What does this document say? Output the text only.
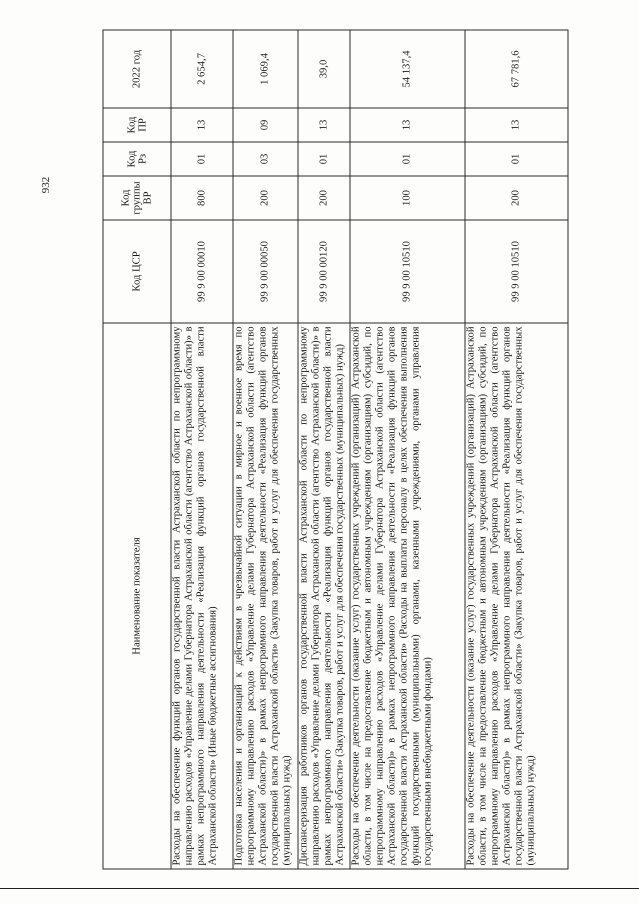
932
Наименование показателя	Код ЦСР	Код группы ВР	Код Рз	Код ПР	2022 год
Расходы на обеспечение функций органов государственной власти Астраханской области по непрограммному направлению расходов «Управление делами Губернатора Астраханской области (агентство Астраханской области)» в рамках непрограммного направления деятельности «Реализация функций органов государственной власти Астраханской области» (Иные бюджетные ассигнования)	99 9 00 00010	800	01	13	2 654,7
Подготовка населения и организаций к действиям в чрезвычайной ситуации в мирное и военное время по непрограммному направлению расходов «Управление делами Губернатора Астраханской области (агентство Астраханской области)» в рамках непрограммного направления деятельности «Реализация функций органов государственной власти Астраханской области» (Закупка товаров, работ и услуг для обеспечения государственных (муниципальных) нужд)	99 9 00 00050	200	03	09	1 069,4
Диспансеризация работников органов государственной власти Астраханской области по непрограммному направлению расходов «Управление делами Губернатора Астраханской области (агентство Астраханской области)» в рамках непрограммного направления деятельности «Реализация функций органов государственной власти Астраханской области» (Закупка товаров, работ и услуг для обеспечения государственных (муниципальных) нужд)	99 9 00 00120	200	01	13	39,0
Расходы на обеспечение деятельности (оказание услуг) государственных учреждений (организаций) Астраханской области, в том числе на предоставление бюджетным и автономным учреждениям (организациям) субсидий, по непрограммному направлению расходов «Управление делами Губернатора Астраханской области (агентство Астраханской области)» в рамках непрограммного направления деятельности «Реализация функций органов государственной власти Астраханской области» (Расходы на выплаты персоналу в целях обеспечения выполнения функций государственными (муниципальными) органами, казенными учреждениями, органами управления государственными внебюджетными фондами)	99 9 00 10510	100	01	13	54 137,4
Расходы на обеспечение деятельности (оказание услуг) государственных учреждений (организаций) Астраханской области, в том числе на предоставление бюджетным и автономным учреждениям (организациям) субсидий, по непрограммному направлению расходов «Управление делами Губернатора Астраханской области (агентство Астраханской области)» в рамках непрограммного направления деятельности «Реализация функций органов государственной власти Астраханской области» (Закупка товаров, работ и услуг для обеспечения государственных (муниципальных) нужд)	99 9 00 10510	200	01	13	67 781,6
